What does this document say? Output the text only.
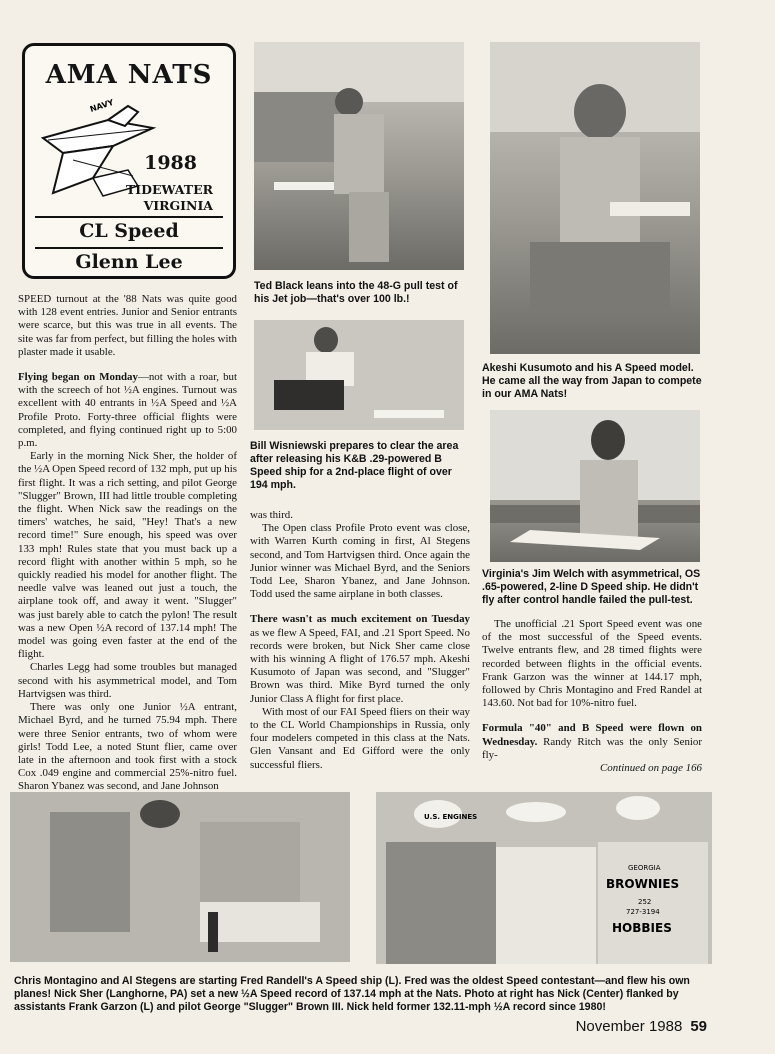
AMA NATS
NAVY
1988
TIDEWATER
VIRGINIA
CL Speed
Glenn Lee
Ted Black leans into the 48-G pull test of his Jet job—that's over 100 lb.!
Akeshi Kusumoto and his A Speed model. He came all the way from Japan to compete in our AMA Nats!
Bill Wisniewski prepares to clear the area after releasing his K&B .29-powered B Speed ship for a 2nd-place flight of over 194 mph.
Virginia's Jim Welch with asymmetrical, OS .65-powered, 2-line D Speed ship. He didn't fly after control handle failed the pull-test.

SPEED turnout at the '88 Nats was quite good with 128 event entries. Junior and Senior entrants were scarce, but this was true in all events. The site was far from perfect, but filling the holes with plaster made it usable.

Flying began on Monday—not with a roar, but with the screech of hot ½A engines. Turnout was excellent with 40 entrants in ½A Speed and ½A Profile Proto. Forty-three official flights were completed, and flying continued right up to 5:00 p.m.

Early in the morning Nick Sher, the holder of the ½A Open Speed record of 132 mph, put up his first flight. It was a rich setting, and pilot George "Slugger" Brown, III had little trouble completing the flight. When Nick saw the readings on the timers' watches, he said, "Hey! That's a new record time!" Sure enough, his speed was over 133 mph! Rules state that you must back up a record flight with another within 5 mph, so he quickly readied his model for another flight. The needle valve was leaned out just a touch, the airplane took off, and away it went. "Slugger" was just barely able to catch the pylon! The result was a new Open ½A record of 137.14 mph! The model was going even faster at the end of the flight.

Charles Legg had some troubles but managed second with his asymmetrical model, and Tom Hartvigsen was third.

There was only one Junior ½A entrant, Michael Byrd, and he turned 75.94 mph. There were three Senior entrants, two of whom were girls! Todd Lee, a noted Stunt flier, came over late in the afternoon and took first with a stock Cox .049 engine and commercial 25%-nitro fuel. Sharon Ybanez was second, and Jane Johnson

was third.

The Open class Profile Proto event was close, with Warren Kurth coming in first, Al Stegens second, and Tom Hartvigsen third. Once again the Junior winner was Michael Byrd, and the Seniors Todd Lee, Sharon Ybanez, and Jane Johnson. Todd used the same airplane in both classes.

There wasn't as much excitement on Tuesday as we flew A Speed, FAI, and .21 Sport Speed. No records were broken, but Nick Sher came close with his winning A flight of 176.57 mph. Akeshi Kusumoto of Japan was second, and "Slugger" Brown was third. Mike Byrd turned the only Junior Class A flight for first place.

With most of our FAI Speed fliers on their way to the CL World Championships in Russia, only four modelers competed in this class at the Nats. Glen Vansant and Ed Gifford were the only successful fliers.

The unofficial .21 Sport Speed event was one of the most successful of the Speed events. Twelve entrants flew, and 28 timed flights were recorded between flights in the official events. Frank Garzon was the winner at 144.17 mph, followed by Chris Montagino and Fred Randel at 143.60. Not bad for 10%-nitro fuel.

Formula "40" and B Speed were flown on Wednesday. Randy Ritch was the only Senior fly-

Continued on page 166
U.S. ENGINES
GEORGIA
BROWNIES
252
727-3194
HOBBIES
Chris Montagino and Al Stegens are starting Fred Randell's A Speed ship (L). Fred was the oldest Speed contestant—and flew his own planes! Nick Sher (Langhorne, PA) set a new ½A Speed record of 137.14 mph at the Nats. Photo at right has Nick (Center) flanked by assistants Frank Garzon (L) and pilot George "Slugger" Brown III. Nick held former 132.11-mph ½A record since 1980!
November 1988 59
